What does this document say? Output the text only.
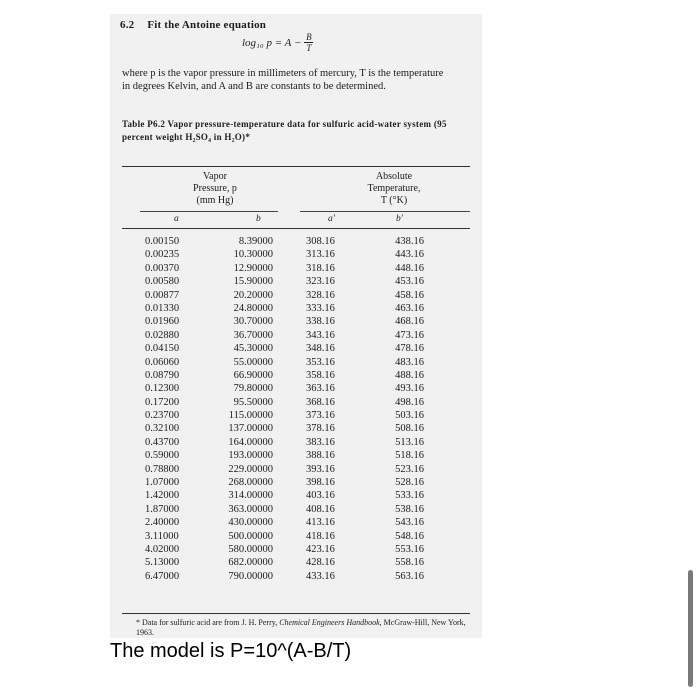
6.2 Fit the Antoine equation
log₁₀ $p = A - \frac{B}{T}$
where p is the vapor pressure in millimeters of mercury, T is the temperature in degrees Kelvin, and A and B are constants to be determined.
Table P6.2 Vapor pressure-temperature data for sulfuric acid-water system (95 percent weight H₂SO₄ in H₂O)*
Vapor
Pressure, p
(mm Hg)
Absolute
Temperature,
T (°K)
a	b	a′	b′
0.00150	8.39000	308.16	438.16
0.00235	10.30000	313.16	443.16
0.00370	12.90000	318.16	448.16
0.00580	15.90000	323.16	453.16
0.00877	20.20000	328.16	458.16
0.01330	24.80000	333.16	463.16
0.01960	30.70000	338.16	468.16
0.02880	36.70000	343.16	473.16
0.04150	45.30000	348.16	478.16
0.06060	55.00000	353.16	483.16
0.08790	66.90000	358.16	488.16
0.12300	79.80000	363.16	493.16
0.17200	95.50000	368.16	498.16
0.23700	115.00000	373.16	503.16
0.32100	137.00000	378.16	508.16
0.43700	164.00000	383.16	513.16
0.59000	193.00000	388.16	518.16
0.78800	229.00000	393.16	523.16
1.07000	268.00000	398.16	528.16
1.42000	314.00000	403.16	533.16
1.87000	363.00000	408.16	538.16
2.40000	430.00000	413.16	543.16
3.11000	500.00000	418.16	548.16
4.02000	580.00000	423.16	553.16
5.13000	682.00000	428.16	558.16
6.47000	790.00000	433.16	563.16
* Data for sulfuric acid are from J. H. Perry, Chemical Engineers Handbook, McGraw-Hill, New York, 1963.
The model is P=10^(A-B/T)
